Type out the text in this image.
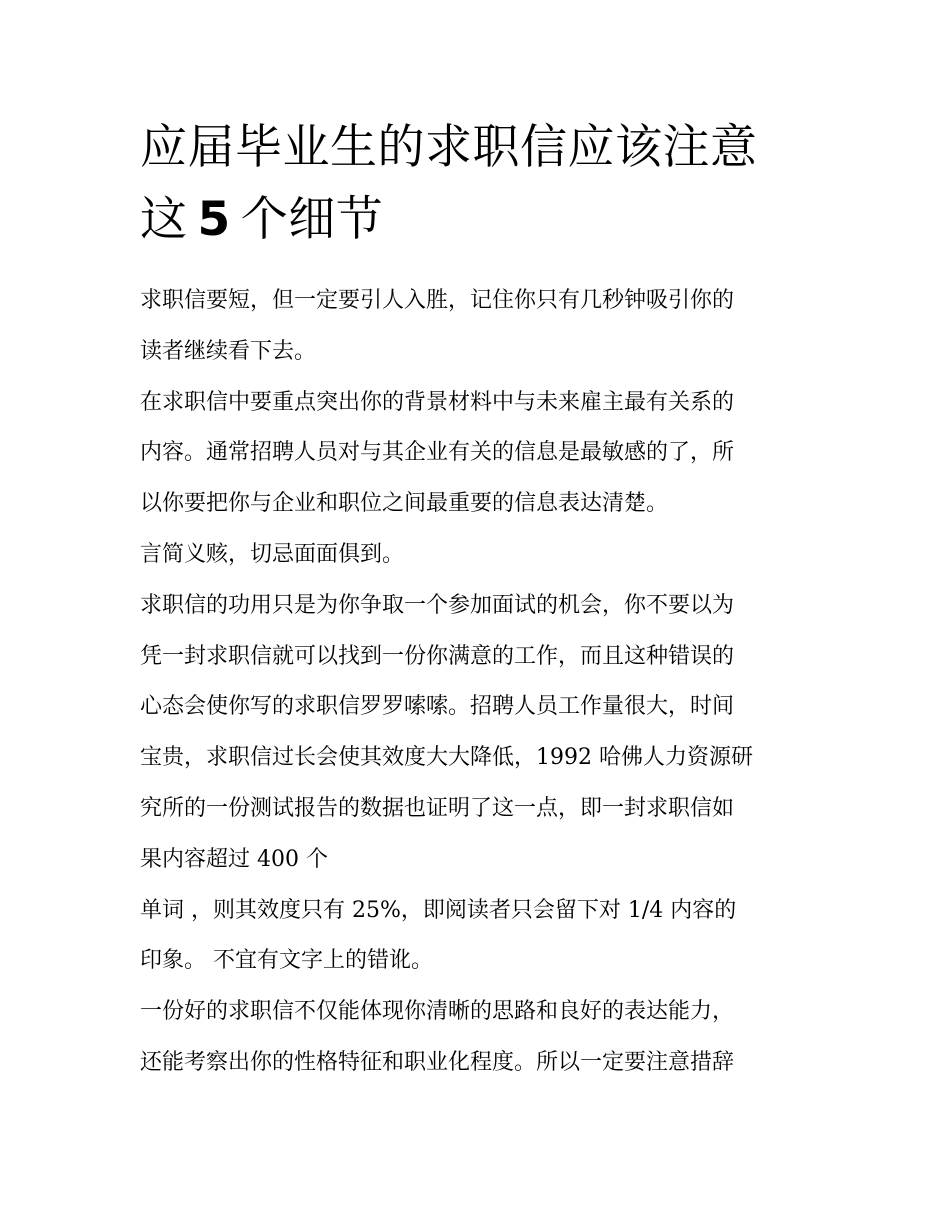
应届毕业生的求职信应该注意
这 5 个细节
求职信要短，但一定要引人入胜，记住你只有几秒钟吸引你的
读者继续看下去。
在求职信中要重点突出你的背景材料中与未来雇主最有关系的
内容。通常招聘人员对与其企业有关的信息是最敏感的了，所
以你要把你与企业和职位之间最重要的信息表达清楚。
言简义赅，切忌面面俱到。
求职信的功用只是为你争取一个参加面试的机会，你不要以为
凭一封求职信就可以找到一份你满意的工作，而且这种错误的
心态会使你写的求职信罗罗嗦嗦。招聘人员工作量很大，时间
宝贵，求职信过长会使其效度大大降低，1992 哈佛人力资源研
究所的一份测试报告的数据也证明了这一点，即一封求职信如
果内容超过 400 个
单词 ，则其效度只有 25%，即阅读者只会留下对 1/4 内容的
印象。 不宜有文字上的错讹。
一份好的求职信不仅能体现你清晰的思路和良好的表达能力，
还能考察出你的性格特征和职业化程度。所以一定要注意措辞
